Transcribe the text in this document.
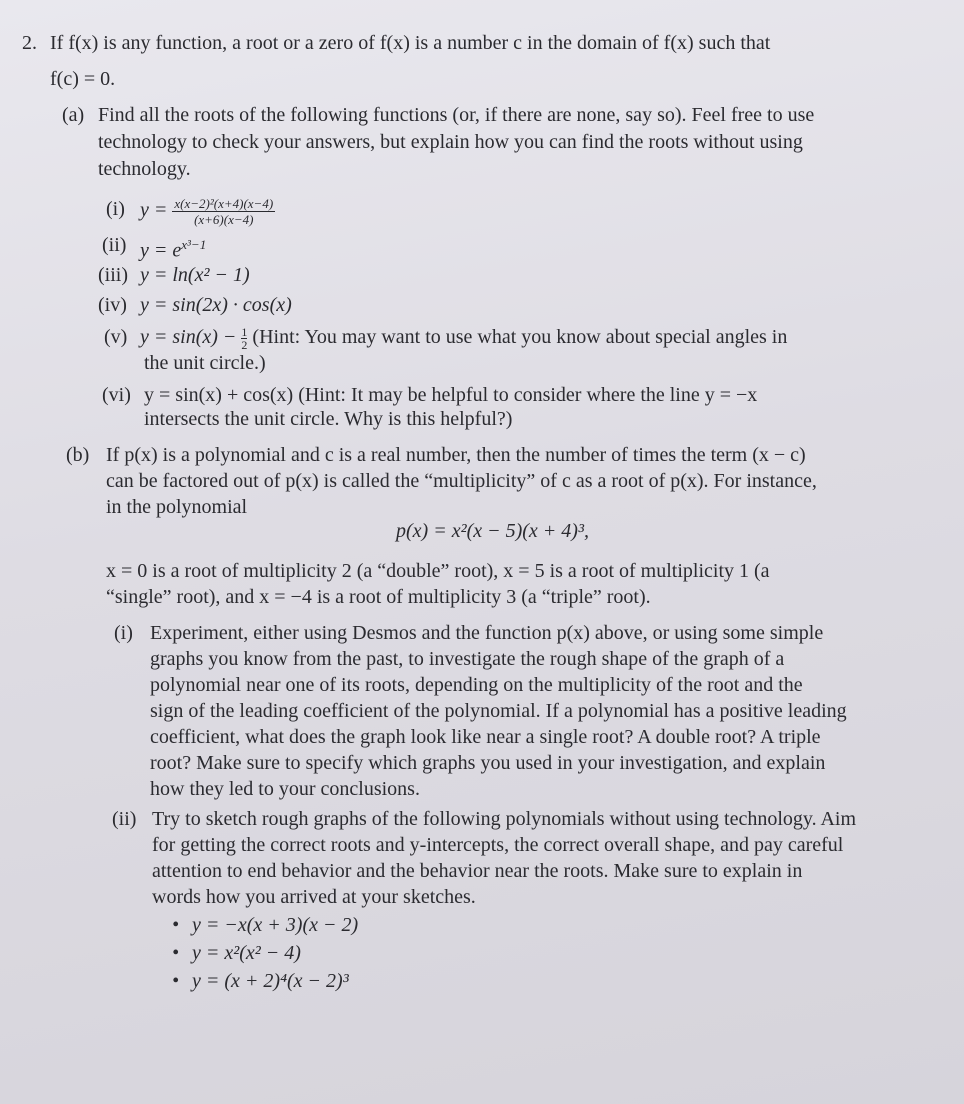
2. If f(x) is any function, a root or a zero of f(x) is a number c in the domain of f(x) such that
f(c) = 0.
(a) Find all the roots of the following functions (or, if there are none, say so). Feel free to use
technology to check your answers, but explain how you can find the roots without using
technology.
(i) $y = \frac{\text{x(x−2)²(x+4)(x−4)}}{(x+6)(x-4)}$
(ii) $y = e^{x^3-1}$
(iii) y = ln(x² − 1)
(iv) y = sin(2x) · cos(x)
(v) $y = \sin(x) - \frac{1}{2}$ (Hint: You may want to use what you know about special angles in
the unit circle.)
(vi) y = sin(x) + cos(x) (Hint: It may be helpful to consider where the line y = −x
intersects the unit circle. Why is this helpful?)
(b) If p(x) is a polynomial and c is a real number, then the number of times the term (x − c)
can be factored out of p(x) is called the “multiplicity” of c as a root of p(x). For instance,
in the polynomial
p(x) = x²(x − 5)(x + 4)³,
x = 0 is a root of multiplicity 2 (a “double” root), x = 5 is a root of multiplicity 1 (a
“single” root), and x = −4 is a root of multiplicity 3 (a “triple” root).
(i) Experiment, either using Desmos and the function p(x) above, or using some simple
graphs you know from the past, to investigate the rough shape of the graph of a
polynomial near one of its roots, depending on the multiplicity of the root and the
sign of the leading coefficient of the polynomial. If a polynomial has a positive leading
coefficient, what does the graph look like near a single root? A double root? A triple
root? Make sure to specify which graphs you used in your investigation, and explain
how they led to your conclusions.
(ii) Try to sketch rough graphs of the following polynomials without using technology. Aim
for getting the correct roots and y-intercepts, the correct overall shape, and pay careful
attention to end behavior and the behavior near the roots. Make sure to explain in
words how you arrived at your sketches.
• y = −x(x + 3)(x − 2)
• y = x²(x² − 4)
• y = (x + 2)⁴(x − 2)³
